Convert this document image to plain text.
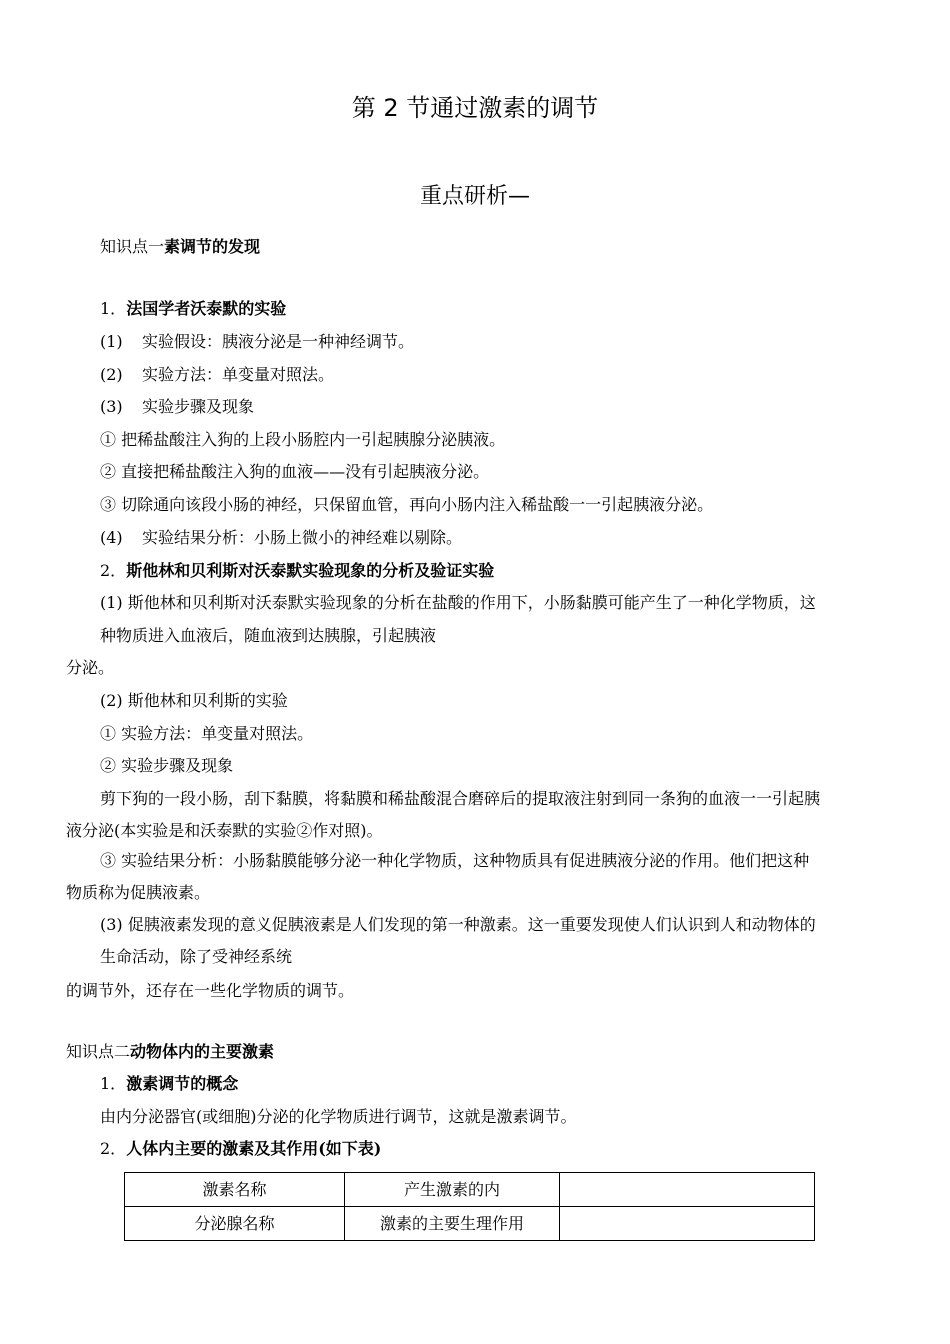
第 2 节通过激素的调节
重点研析—
知识点一素调节的发现
1．法国学者沃泰默的实验
(1) 实验假设：胰液分泌是一种神经调节。
(2) 实验方法：单变量对照法。
(3) 实验步骤及现象
① 把稀盐酸注入狗的上段小肠腔内一引起胰腺分泌胰液。
② 直接把稀盐酸注入狗的血液——没有引起胰液分泌。
③ 切除通向该段小肠的神经，只保留血管，再向小肠内注入稀盐酸一一引起胰液分泌。
(4) 实验结果分析：小肠上微小的神经难以剔除。
2．斯他林和贝利斯对沃泰默实验现象的分析及验证实验
(1) 斯他林和贝利斯对沃泰默实验现象的分析在盐酸的作用下，小肠黏膜可能产生了一种化学物质，这
种物质进入血液后，随血液到达胰腺，引起胰液
分泌。
(2) 斯他林和贝利斯的实验
① 实验方法：单变量对照法。
② 实验步骤及现象
剪下狗的一段小肠，刮下黏膜，将黏膜和稀盐酸混合磨碎后的提取液注射到同一条狗的血液一一引起胰
液分泌(本实验是和沃泰默的实验②作对照)。
③ 实验结果分析：小肠黏膜能够分泌一种化学物质，这种物质具有促进胰液分泌的作用。他们把这种
物质称为促胰液素。
(3) 促胰液素发现的意义促胰液素是人们发现的第一种激素。这一重要发现使人们认识到人和动物体的
生命活动，除了受神经系统
的调节外，还存在一些化学物质的调节。
知识点二动物体内的主要激素
1．激素调节的概念
由内分泌器官(或细胞)分泌的化学物质进行调节，这就是激素调节。
2．人体内主要的激素及其作用(如下表)
激素名称	产生激素的内	
分泌腺名称	激素的主要生理作用	
